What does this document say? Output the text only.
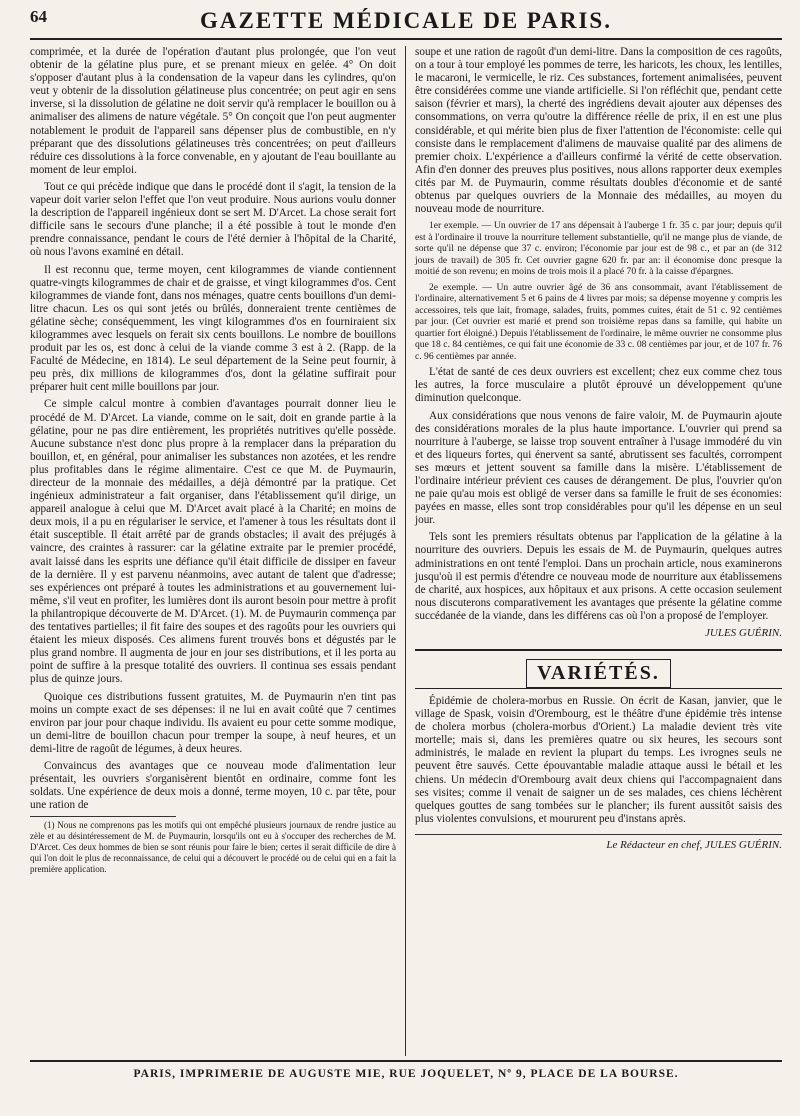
64	GAZETTE MÉDICALE DE PARIS.

comprimée, et la durée de l'opération d'autant plus prolongée, que l'on veut obtenir de la gélatine plus pure, et se prenant mieux en gelée. 4° On doit s'opposer d'autant plus à la condensation de la vapeur dans les cylindres, qu'on veut y obtenir de la dissolution gélatineuse plus concentrée; on peut agir en sens inverse, si la dissolution de gélatine ne doit servir qu'à remplacer le bouillon ou à animaliser des alimens de nature végétale. 5° On conçoit que l'on peut augmenter notablement le produit de l'appareil sans dépenser plus de combustible, en n'y préparant que des dissolutions gélatineuses très concentrées; on peut d'ailleurs réduire ces dissolutions à la force convenable, en y ajoutant de l'eau bouillante au moment de leur emploi.

Tout ce qui précède indique que dans le procédé dont il s'agit, la tension de la vapeur doit varier selon l'effet que l'on veut produire. Nous aurions voulu donner la description de l'appareil ingénieux dont se sert M. D'Arcet. La chose serait fort difficile sans le secours d'une planche; il a été possible à tout le monde d'en prendre connaissance, pendant le cours de l'été dernier à l'hôpital de la Charité, où nous l'avons examiné en détail.

Il est reconnu que, terme moyen, cent kilogrammes de viande contiennent quatre-vingts kilogrammes de chair et de graisse, et vingt kilogrammes d'os. Cent kilogrammes de viande font, dans nos ménages, quatre cents bouillons d'un demi-litre chacun. Les os qui sont jetés ou brûlés, donneraient trente centièmes de gélatine sèche; conséquemment, les vingt kilogrammes d'os en fourniraient six kilogrammes avec lesquels on ferait six cents bouillons. Le nombre de bouillons produit par les os, est donc à celui de la viande comme 3 est à 2. (Rapp. de la Faculté de Médecine, en 1814). Le seul département de la Seine peut fournir, à peu près, dix millions de kilogrammes d'os, dont la gélatine suffirait pour préparer huit cent mille bouillons par jour.

Ce simple calcul montre à combien d'avantages pourrait donner lieu le procédé de M. D'Arcet. La viande, comme on le sait, doit en grande partie à la gélatine, pour ne pas dire entièrement, les propriétés nutritives qu'elle possède. Aucune substance n'est donc plus propre à la remplacer dans la préparation du bouillon, et, en général, pour animaliser les substances non azotées, et les rendre plus profitables dans le régime alimentaire. C'est ce que M. de Puymaurin, directeur de la monnaie des médailles, a déjà démontré par la pratique. Cet ingénieux administrateur a fait organiser, dans l'établissement qu'il dirige, un appareil analogue à celui que M. D'Arcet avait placé à la Charité; en moins de deux mois, il a pu en régulariser le service, et l'amener à tous les résultats dont il était susceptible. Il était arrêté par de grands obstacles; il avait des préjugés à vaincre, des craintes à rassurer: car la gélatine extraite par le premier procédé, avait laissé dans les esprits une défiance qu'il était difficile de dissiper en faveur de la dernière. Il y est parvenu néanmoins, avec autant de talent que d'adresse; ses expériences ont préparé à toutes les administrations et au gouvernement lui-même, s'il veut en profiter, les lumières dont ils auront besoin pour mettre à profit la philantropique découverte de M. D'Arcet. (1). M. de Puymaurin commença par des tentatives partielles; il fit faire des soupes et des ragoûts pour les ouvriers qui étaient les mieux disposés. Ces alimens furent trouvés bons et dégustés par le plus grand nombre. Il augmenta de jour en jour ses distributions, et il les porta au point de suffire à la presque totalité des ouvriers. Il continua ses essais pendant plus de quinze jours.

Quoique ces distributions fussent gratuites, M. de Puymaurin n'en tint pas moins un compte exact de ses dépenses: il ne lui en avait coûté que 7 centimes environ par jour pour chaque individu. Ils avaient eu pour cette somme modique, un demi-litre de bouillon chacun pour tremper la soupe, à neuf heures, et un demi-litre de ragoût de légumes, à deux heures.

Convaincus des avantages que ce nouveau mode d'alimentation leur présentait, les ouvriers s'organisèrent bientôt en ordinaire, comme font les soldats. Une expérience de deux mois a donné, terme moyen, 10 c. par tête, pour une ration de

(1) Nous ne comprenons pas les motifs qui ont empêché plusieurs journaux de rendre justice au zèle et au désintéressement de M. de Puymaurin, lorsqu'ils ont eu à s'occuper des recherches de M. D'Arcet. Ces deux hommes de bien se sont réunis pour faire le bien; certes il serait difficile de dire à qui l'on doit le plus de reconnaissance, de celui qui a découvert le procédé ou de celui qui en a fait la première application.

soupe et une ration de ragoût d'un demi-litre. Dans la composition de ces ragoûts, on a tour à tour employé les pommes de terre, les haricots, les choux, les lentilles, le macaroni, le vermicelle, le riz. Ces substances, fortement animalisées, peuvent être considérées comme une viande artificielle. Si l'on réfléchit que, pendant cette saison (février et mars), la cherté des ingrédiens devait ajouter aux dépenses des consommations, on verra qu'outre la différence réelle de prix, il en est une plus considérable, et qui mérite bien plus de fixer l'attention de l'économiste: celle qui consiste dans le remplacement d'alimens de mauvaise qualité par des alimens de premier choix. L'expérience a d'ailleurs confirmé la vérité de cette observation. Afin d'en donner des preuves plus positives, nous allons rapporter deux exemples cités par M. de Puymaurin, comme résultats doubles d'économie et de santé obtenus par quelques ouvriers de la Monnaie des médailles, au moyen du nouveau mode de nourriture.

1er exemple. — Un ouvrier de 17 ans dépensait à l'auberge 1 fr. 35 c. par jour; depuis qu'il est à l'ordinaire il trouve la nourriture tellement substantielle, qu'il ne mange plus de viande, de sorte qu'il ne dépense que 37 c. environ; l'économie par jour est de 98 c., et par an (de 312 jours de travail) de 305 fr. Cet ouvrier gagne 620 fr. par an: il économise donc presque la moitié de son revenu; en moins de trois mois il a placé 70 fr. à la caisse d'épargnes.

2e exemple. — Un autre ouvrier âgé de 36 ans consommait, avant l'établissement de l'ordinaire, alternativement 5 et 6 pains de 4 livres par mois; sa dépense moyenne y compris les accessoires, tels que lait, fromage, salades, fruits, pommes cuites, était de 51 c. 92 centièmes par jour. (Cet ouvrier est marié et prend son troisième repas dans sa famille, qui habite un quartier fort éloigné.) Depuis l'établissement de l'ordinaire, le même ouvrier ne consomme plus que 18 c. 84 centièmes, ce qui fait une économie de 33 c. 08 centièmes par jour, et de 107 fr. 76 c. 96 centièmes par année.

L'état de santé de ces deux ouvriers est excellent; chez eux comme chez tous les autres, la force musculaire a plutôt éprouvé un développement qu'une diminution quelconque.

Aux considérations que nous venons de faire valoir, M. de Puymaurin ajoute des considérations morales de la plus haute importance. L'ouvrier qui prend sa nourriture à l'auberge, se laisse trop souvent entraîner à l'usage immodéré du vin et des liqueurs fortes, qui énervent sa santé, abrutissent ses facultés, corrompent ses mœurs et jettent souvent sa famille dans la misère. L'établissement de l'ordinaire intérieur prévient ces causes de dérangement. De plus, l'ouvrier qu'on ne paie qu'au mois est obligé de verser dans sa famille le fruit de ses économies: payées en masse, elles sont trop considérables pour qu'il les dépense en un seul jour.

Tels sont les premiers résultats obtenus par l'application de la gélatine à la nourriture des ouvriers. Depuis les essais de M. de Puymaurin, quelques autres administrations en ont tenté l'emploi. Dans un prochain article, nous examinerons jusqu'où il est permis d'étendre ce nouveau mode de nourriture aux établissemens de charité, aux hospices, aux hôpitaux et aux prisons. A cette occasion seulement nous discuterons comparativement les avantages que présente la gélatine comme succédanée de la viande, dans les différens cas où l'on a proposé de l'employer.

JULES GUÉRIN.
VARIÉTÉS.

Épidémie de cholera-morbus en Russie. On écrit de Kasan, janvier, que le village de Spask, voisin d'Orembourg, est le théâtre d'une épidémie très intense de cholera morbus (cholera-morbus d'Orient.) La maladie devient très vite mortelle; mais si, dans les premières quatre ou six heures, les secours sont administrés, le malade en revient la plupart du temps. Les ivrognes seuls ne peuvent être sauvés. Cette épouvantable maladie attaque aussi le bétail et les chiens. Un médecin d'Orembourg avait deux chiens qui l'accompagnaient dans ses visites; comme il venait de saigner un de ses malades, ces chiens léchèrent quelques gouttes de sang tombées sur le plancher; ils furent aussitôt saisis des plus violentes convulsions, et moururent peu d'instans après.

Le Rédacteur en chef, JULES GUÉRIN.
PARIS, IMPRIMERIE DE AUGUSTE MIE, RUE JOQUELET, Nº 9, PLACE DE LA BOURSE.
